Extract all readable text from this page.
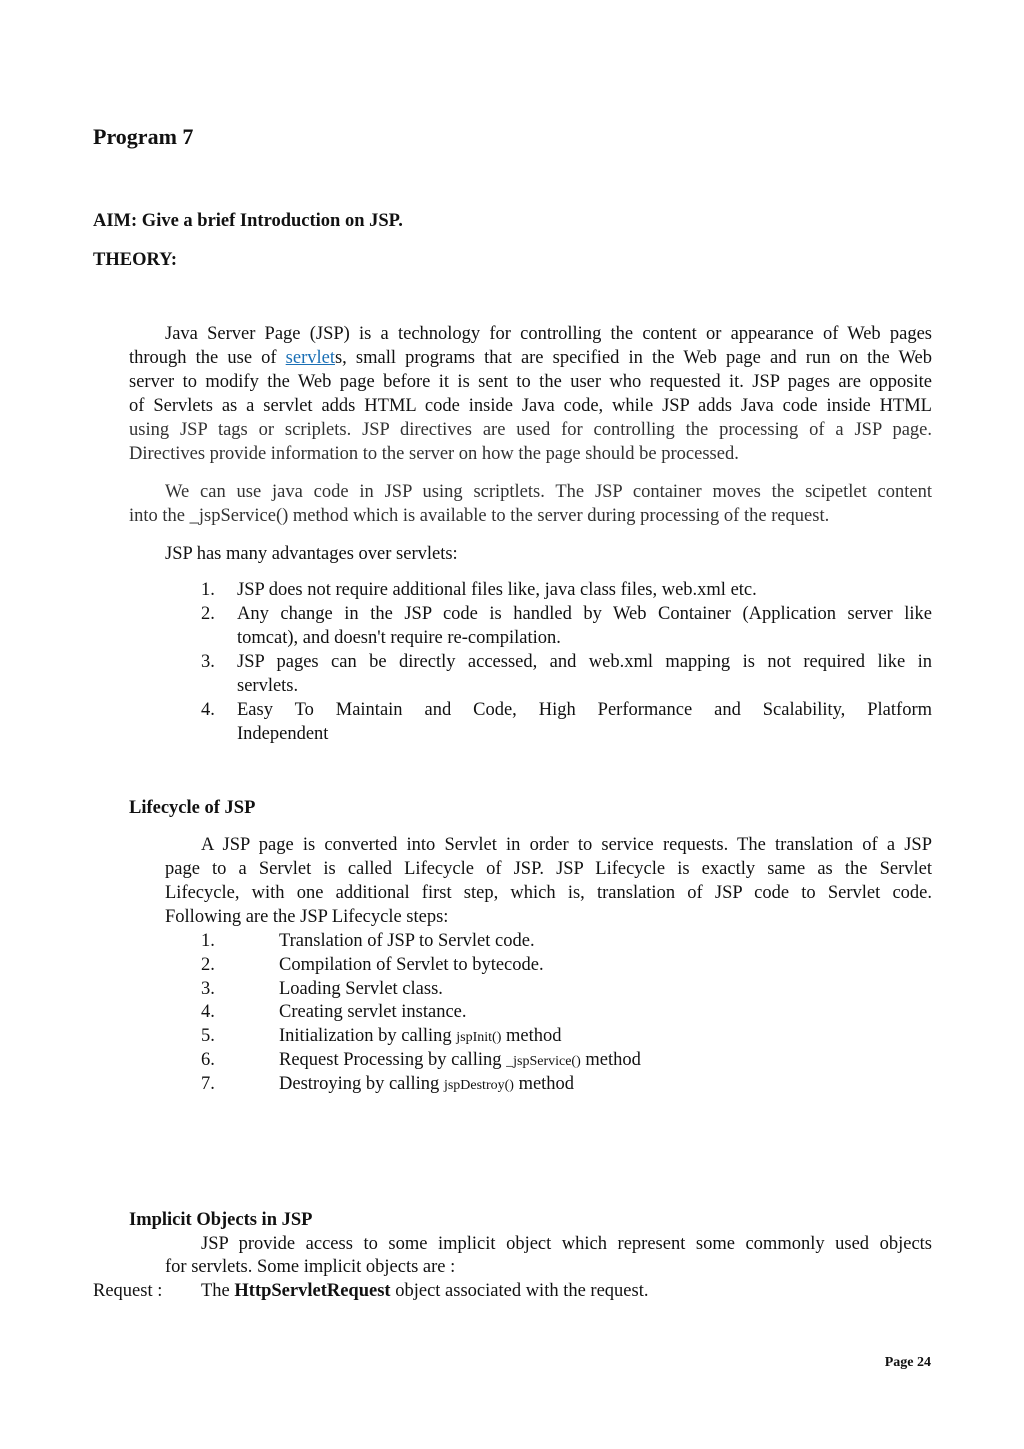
Program 7
AIM: Give a brief Introduction on JSP.
THEORY:
Java Server Page (JSP) is a technology for controlling the content or appearance of Web pages
through the use of servlets, small programs that are specified in the Web page and run on the Web
server to modify the Web page before it is sent to the user who requested it. JSP pages are opposite
of Servlets as a servlet adds HTML code inside Java code, while JSP adds Java code inside HTML
using JSP tags or scriplets. JSP directives are used for controlling the processing of a JSP page.
Directives provide information to the server on how the page should be processed.
We can use java code in JSP using scriptlets. The JSP container moves the scipetlet content
into the _jspService() method which is available to the server during processing of the request.
JSP has many advantages over servlets:
1. JSP does not require additional files like, java class files, web.xml etc.
2. Any change in the JSP code is handled by Web Container (Application server like
tomcat), and doesn't require re-compilation.
3. JSP pages can be directly accessed, and web.xml mapping is not required like in
servlets.
4. Easy To Maintain and Code, High Performance and Scalability, Platform
Independent
Lifecycle of JSP
A JSP page is converted into Servlet in order to service requests. The translation of a JSP
page to a Servlet is called Lifecycle of JSP. JSP Lifecycle is exactly same as the Servlet
Lifecycle, with one additional first step, which is, translation of JSP code to Servlet code.
Following are the JSP Lifecycle steps:
1.	Translation of JSP to Servlet code.
2.	Compilation of Servlet to bytecode.
3.	Loading Servlet class.
4.	Creating servlet instance.
5.	Initialization by calling jspInit() method
6.	Request Processing by calling _jspService() method
7.	Destroying by calling jspDestroy() method
Implicit Objects in JSP
JSP provide access to some implicit object which represent some commonly used objects
for servlets. Some implicit objects are :
Request : The HttpServletRequest object associated with the request.
Page 24
